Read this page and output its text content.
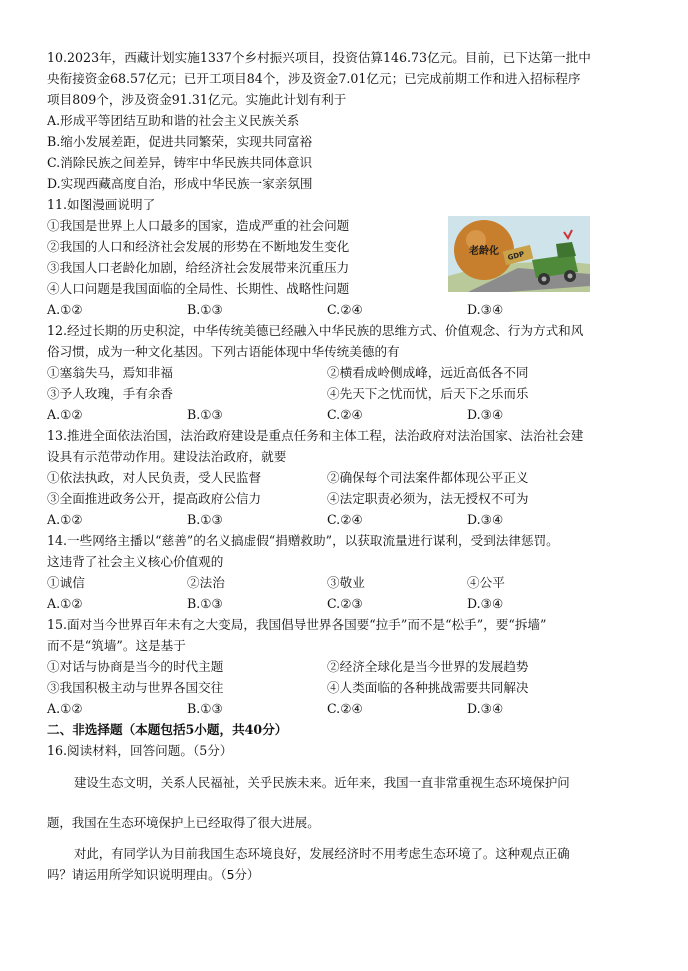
10.2023年，西藏计划实施1337个乡村振兴项目，投资估算146.73亿元。目前，已下达第一批中
央衔接资金68.57亿元；已开工项目84个，涉及资金7.01亿元；已完成前期工作和进入招标程序
项目809个，涉及资金91.31亿元。实施此计划有利于
A.形成平等团结互助和谐的社会主义民族关系
B.缩小发展差距，促进共同繁荣，实现共同富裕
C.消除民族之间差异，铸牢中华民族共同体意识
D.实现西藏高度自治，形成中华民族一家亲氛围
11.如图漫画说明了
①我国是世界上人口最多的国家，造成严重的社会问题
②我国的人口和经济社会发展的形势在不断地发生变化
③我国人口老龄化加剧，给经济社会发展带来沉重压力
④人口问题是我国面临的全局性、长期性、战略性问题
A.①②	B.①③	C.②④	D.③④
老龄化 GDP
12.经过长期的历史积淀，中华传统美德已经融入中华民族的思维方式、价值观念、行为方式和风
俗习惯，成为一种文化基因。下列古语能体现中华传统美德的有
①塞翁失马，焉知非福	②横看成岭侧成峰，远近高低各不同
③予人玫瑰，手有余香	④先天下之忧而忧，后天下之乐而乐
A.①②	B.①③	C.②④	D.③④
13.推进全面依法治国，法治政府建设是重点任务和主体工程，法治政府对法治国家、法治社会建
设具有示范带动作用。建设法治政府，就要
①依法执政，对人民负责，受人民监督	②确保每个司法案件都体现公平正义
③全面推进政务公开，提高政府公信力	④法定职责必须为，法无授权不可为
A.①②	B.①③	C.②④	D.③④
14.一些网络主播以“慈善”的名义搞虚假“捐赠救助”，以获取流量进行谋利，受到法律惩罚。
这违背了社会主义核心价值观的
①诚信	②法治	③敬业	④公平
A.①②	B.①③	C.②③	D.③④
15.面对当今世界百年未有之大变局，我国倡导世界各国要“拉手”而不是“松手”，要“拆墙”
而不是“筑墙”。这是基于
①对话与协商是当今的时代主题	②经济全球化是当今世界的发展趋势
③我国积极主动与世界各国交往	④人类面临的各种挑战需要共同解决
A.①②	B.①③	C.②④	D.③④
二、非选择题（本题包括5小题，共40分）
16.阅读材料，回答问题。（5分）
建设生态文明，关系人民福祉，关乎民族未来。近年来，我国一直非常重视生态环境保护问
题，我国在生态环境保护上已经取得了很大进展。
对此，有同学认为目前我国生态环境良好，发展经济时不用考虑生态环境了。这种观点正确
吗？请运用所学知识说明理由。（5分）
